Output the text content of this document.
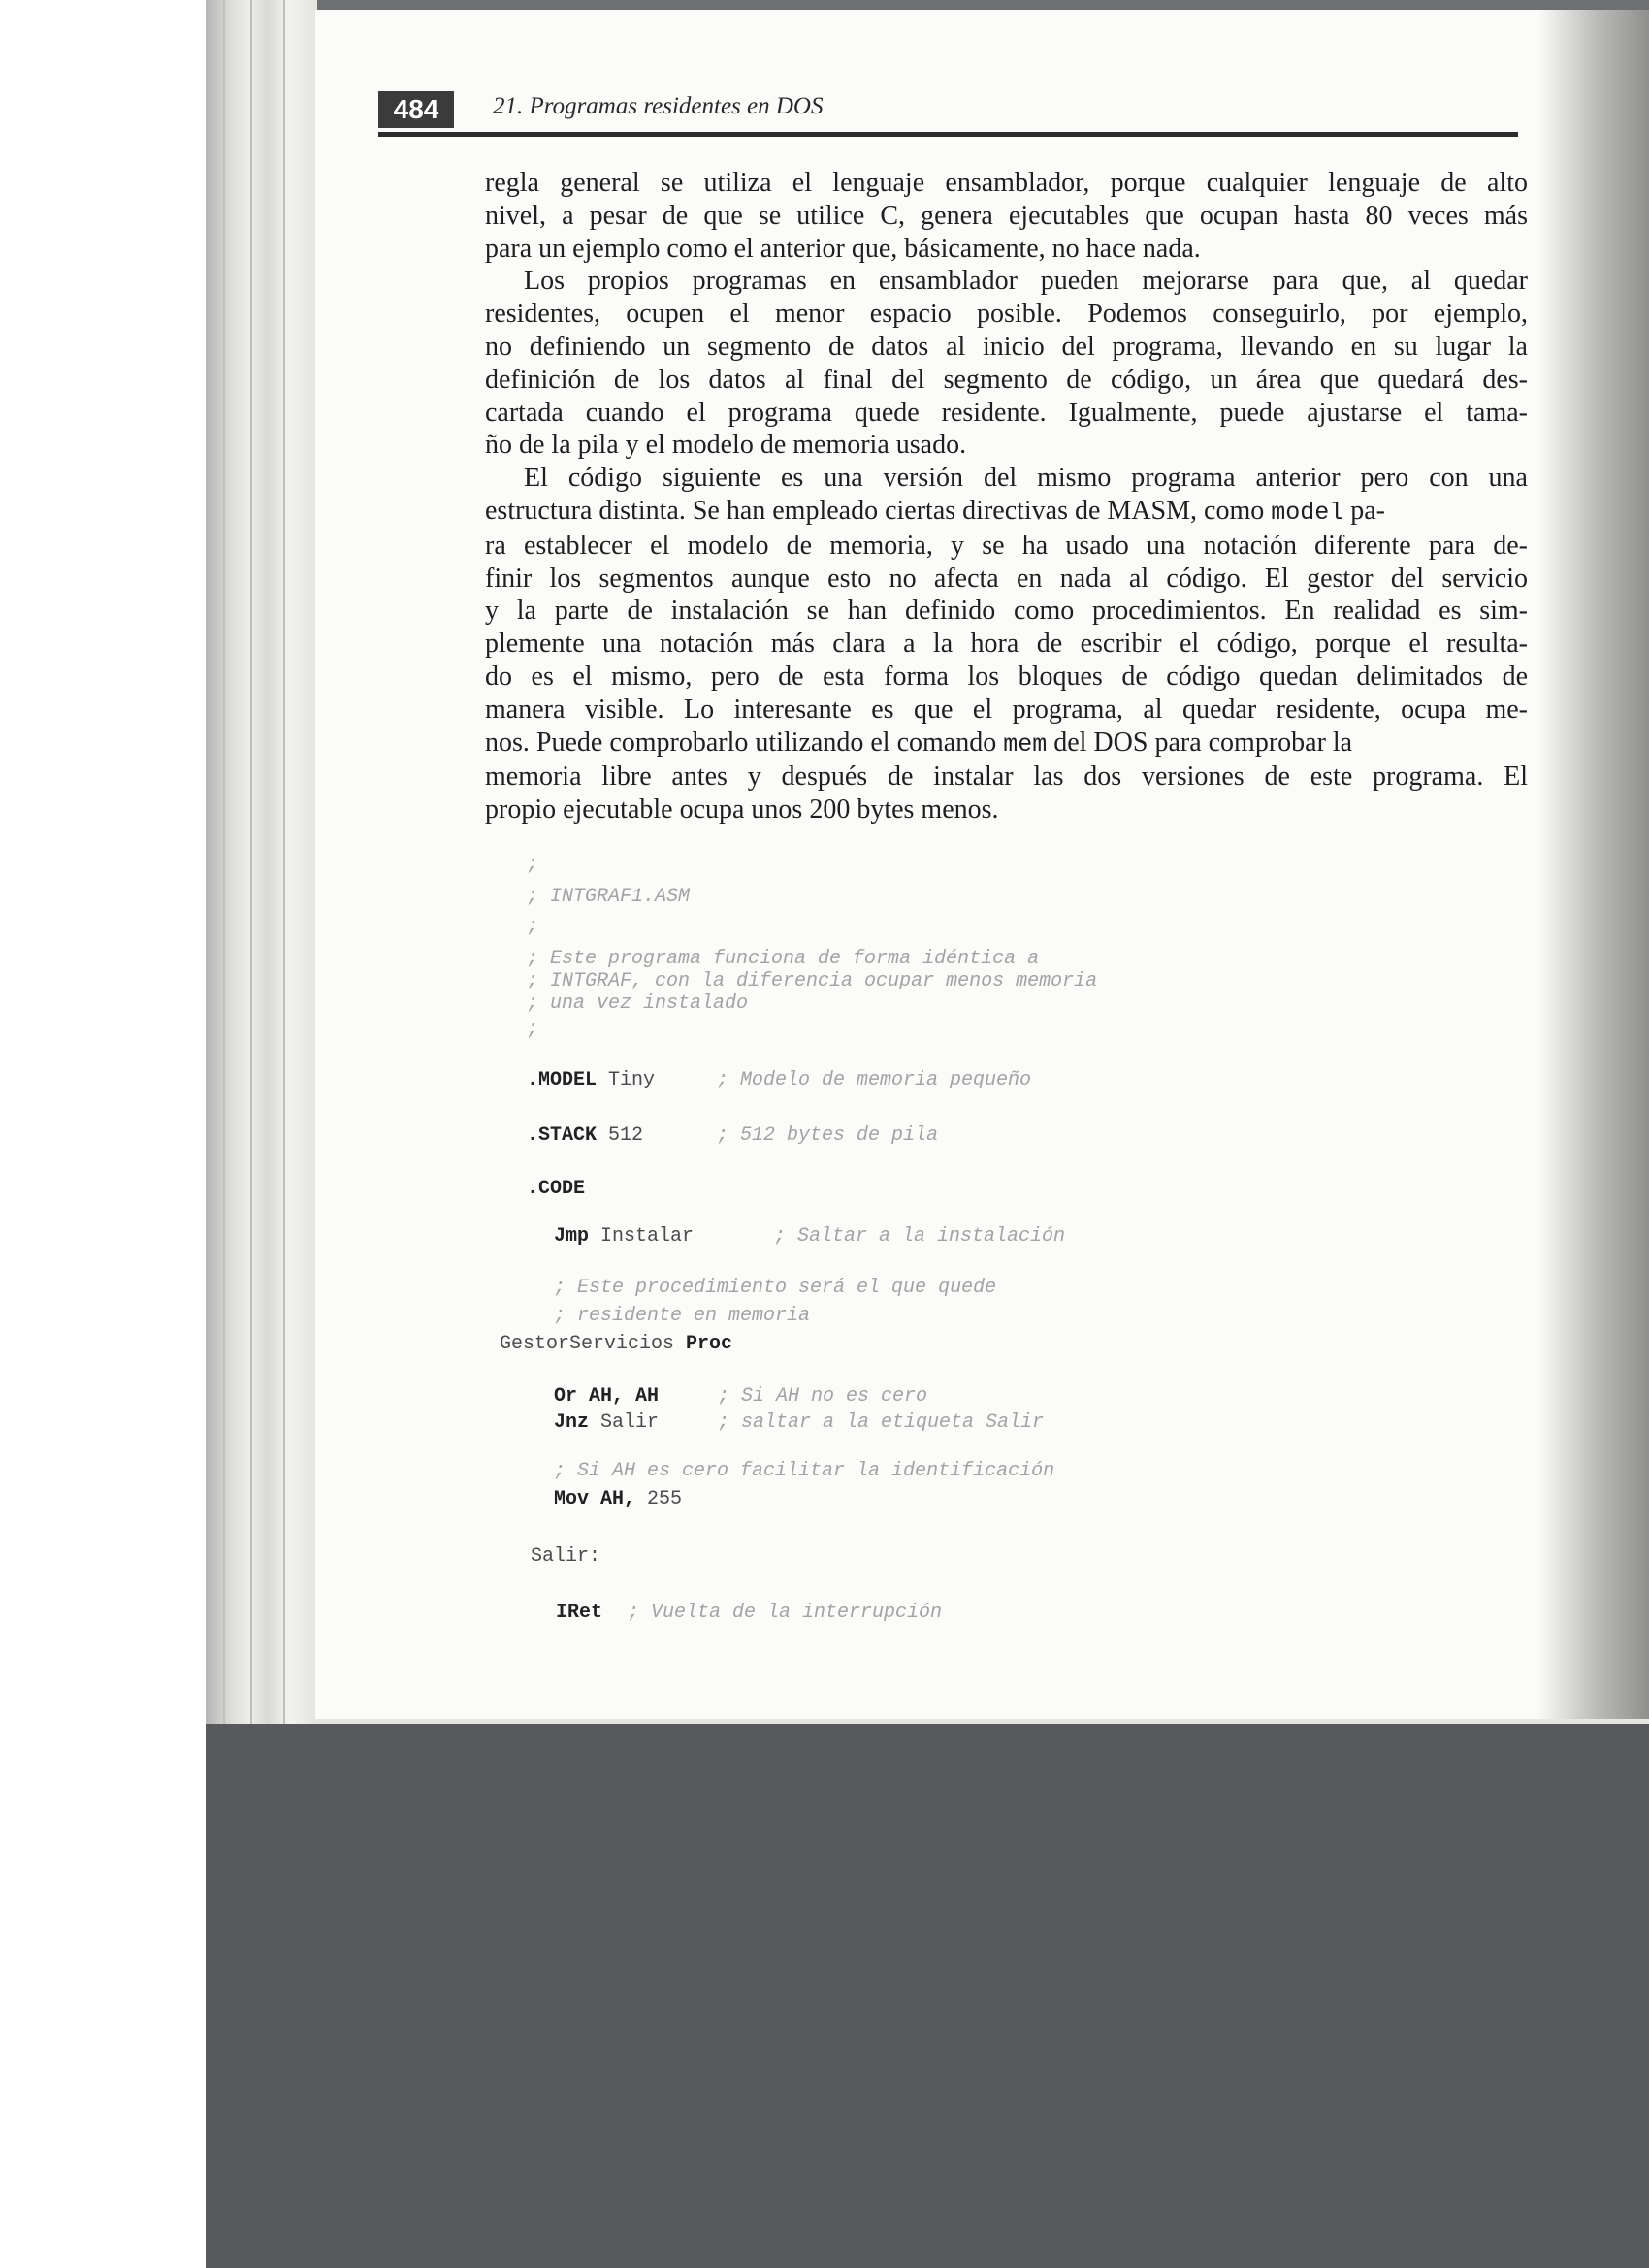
484	21. Programas residentes en DOS
regla general se utiliza el lenguaje ensamblador, porque cualquier lenguaje de alto
nivel, a pesar de que se utilice C, genera ejecutables que ocupan hasta 80 veces más
para un ejemplo como el anterior que, básicamente, no hace nada.
Los propios programas en ensamblador pueden mejorarse para que, al quedar
residentes, ocupen el menor espacio posible. Podemos conseguirlo, por ejemplo,
no definiendo un segmento de datos al inicio del programa, llevando en su lugar la
definición de los datos al final del segmento de código, un área que quedará des-
cartada cuando el programa quede residente. Igualmente, puede ajustarse el tama-
ño de la pila y el modelo de memoria usado.
El código siguiente es una versión del mismo programa anterior pero con una
estructura distinta. Se han empleado ciertas directivas de MASM, como model pa-
ra establecer el modelo de memoria, y se ha usado una notación diferente para de-
finir los segmentos aunque esto no afecta en nada al código. El gestor del servicio
y la parte de instalación se han definido como procedimientos. En realidad es sim-
plemente una notación más clara a la hora de escribir el código, porque el resulta-
do es el mismo, pero de esta forma los bloques de código quedan delimitados de
manera visible. Lo interesante es que el programa, al quedar residente, ocupa me-
nos. Puede comprobarlo utilizando el comando mem del DOS para comprobar la
memoria libre antes y después de instalar las dos versiones de este programa. El
propio ejecutable ocupa unos 200 bytes menos.
;
; INTGRAF1.ASM
;
; Este programa funciona de forma idéntica a
; INTGRAF, con la diferencia ocupar menos memoria
; una vez instalado
;
.MODEL Tiny	; Modelo de memoria pequeño
.STACK 512	; 512 bytes de pila
.CODE
Jmp Instalar	; Saltar a la instalación
; Este procedimiento será el que quede
; residente en memoria
GestorServicios Proc
Or AH, AH	; Si AH no es cero
Jnz Salir	; saltar a la etiqueta Salir
; Si AH es cero facilitar la identificación
Mov AH, 255
Salir:
IRet ; Vuelta de la interrupción
